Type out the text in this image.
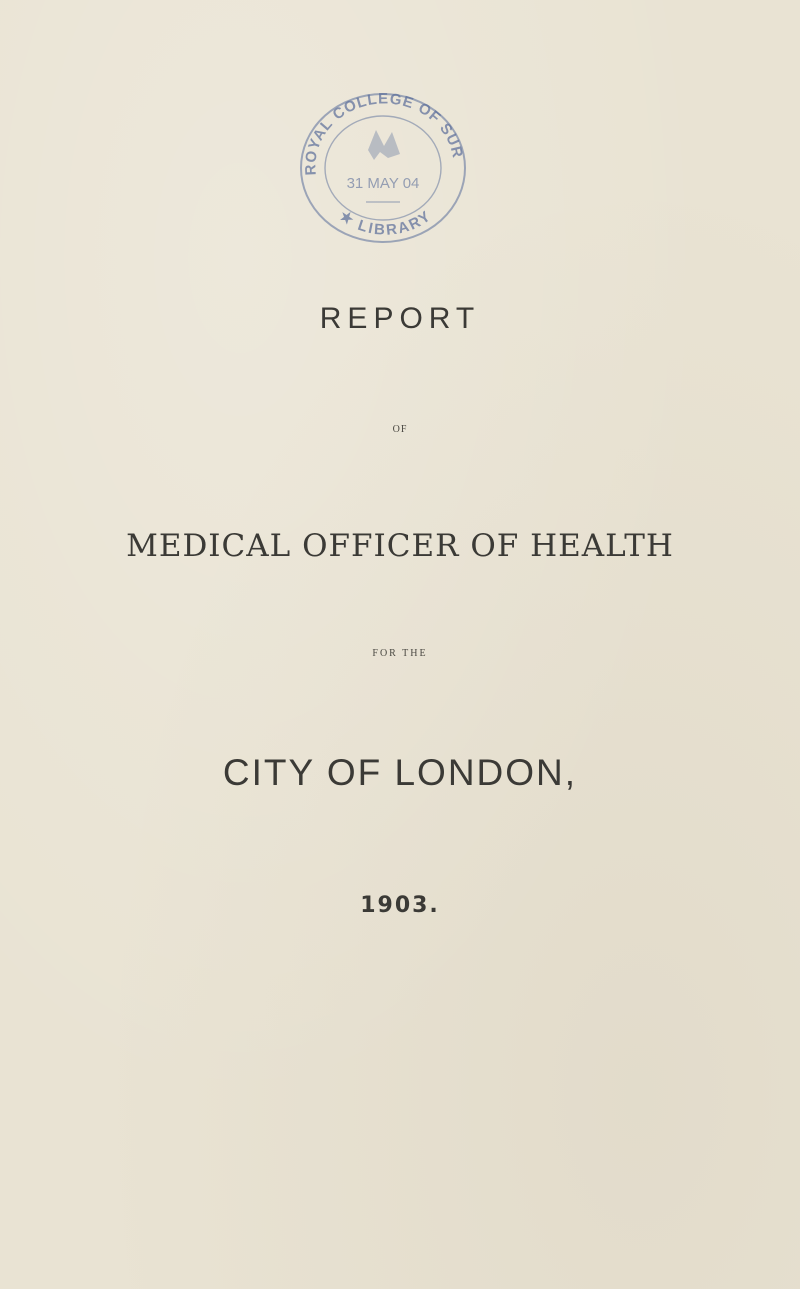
ROYAL COLLEGE OF SUR
★ LIBRARY
31 MAY 04
REPORT
OF
MEDICAL OFFICER OF HEALTH
FOR THE
CITY OF LONDON,
1903.
